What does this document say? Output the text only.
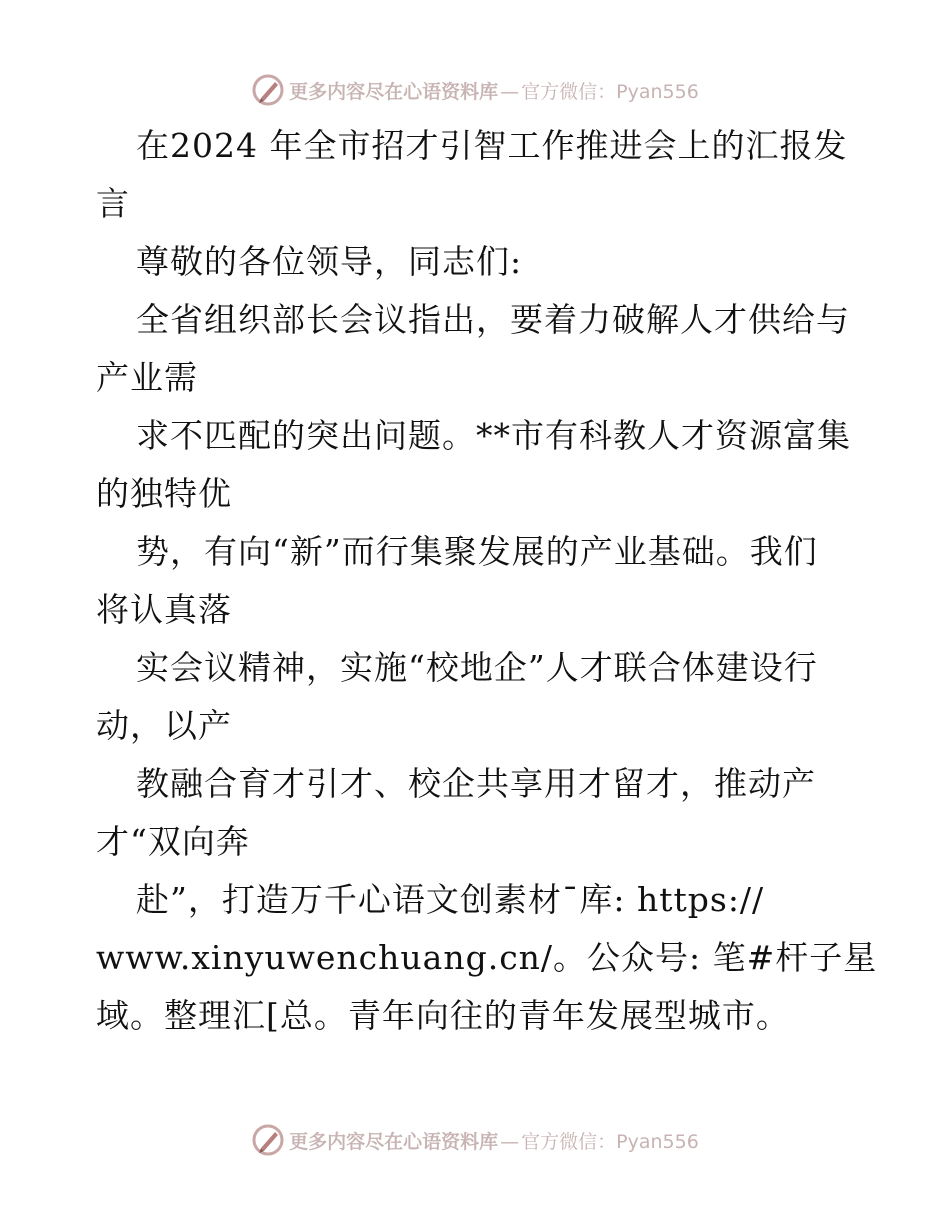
更多内容尽在心语资料库 — 官方微信：Pyan556
在2024 年全市招才引智工作推进会上的汇报发
言
尊敬的各位领导，同志们:
全省组织部长会议指出，要着力破解人才供给与
产业需
求不匹配的突出问题。**市有科教人才资源富集
的独特优
势，有向“新”而行集聚发展的产业基础。我们
将认真落
实会议精神，实施“校地企”人才联合体建设行
动，以产
教融合育才引才、校企共享用才留才，推动产
才“双向奔
赴”，打造万千心语文创素材¯库: https://
www.xinyuwenchuang.cn/。公众号: 笔#杆子星
域。整理汇[总。青年向往的青年发展型城市。
更多内容尽在心语资料库 — 官方微信：Pyan556
